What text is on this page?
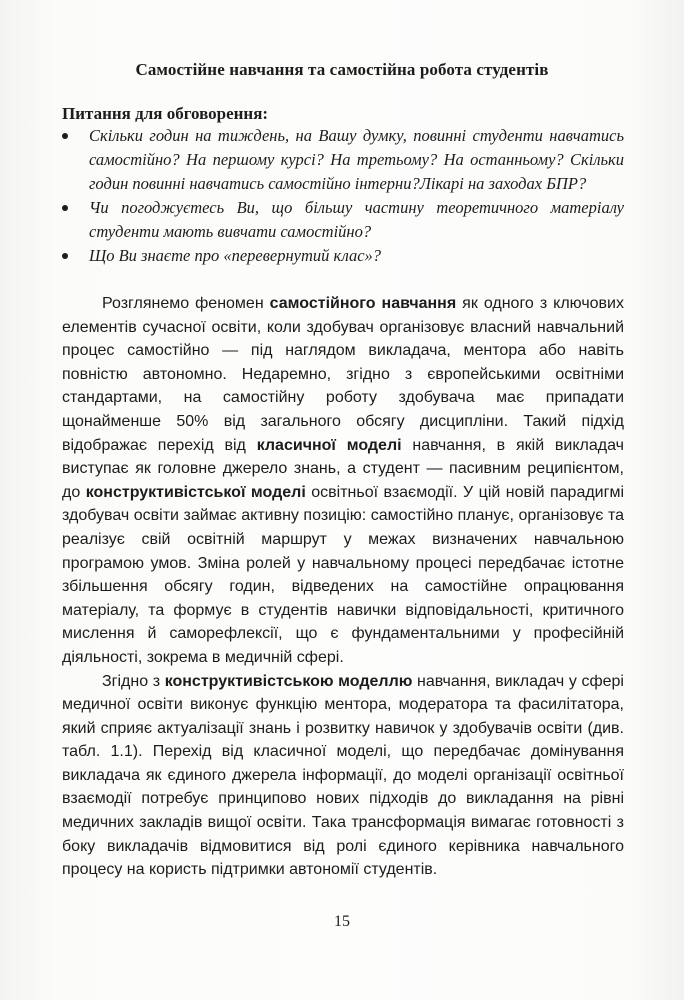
Самостійне навчання та самостійна робота студентів
Питання для обговорення:
Скільки годин на тиждень, на Вашу думку, повинні студенти навчатись самостійно? На першому курсі? На третьому? На останньому? Скільки годин повинні навчатись самостійно інтерни?Лікарі на заходах БПР?
Чи погоджуєтесь Ви, що більшу частину теоретичного матеріалу студенти мають вивчати самостійно?
Що Ви знаєте про «перевернутий клас»?

Розглянемо феномен самостійного навчання як одного з ключових елементів сучасної освіти, коли здобувач організовує власний навчальний процес самостійно — під наглядом викладача, ментора або навіть повністю автономно. Недаремно, згідно з європейськими освітніми стандартами, на самостійну роботу здобувача має припадати щонайменше 50% від загального обсягу дисципліни. Такий підхід відображає перехід від класичної моделі навчання, в якій викладач виступає як головне джерело знань, а студент — пасивним реципієнтом, до конструктивістської моделі освітньої взаємодії. У цій новій парадигмі здобувач освіти займає активну позицію: самостійно планує, організовує та реалізує свій освітній маршрут у межах визначених навчальною програмою умов. Зміна ролей у навчальному процесі передбачає істотне збільшення обсягу годин, відведених на самостійне опрацювання матеріалу, та формує в студентів навички відповідальності, критичного мислення й саморефлексії, що є фундаментальними у професійній діяльності, зокрема в медичній сфері.

Згідно з конструктивістською моделлю навчання, викладач у сфері медичної освіти виконує функцію ментора, модератора та фасилітатора, який сприяє актуалізації знань і розвитку навичок у здобувачів освіти (див. табл. 1.1). Перехід від класичної моделі, що передбачає домінування викладача як єдиного джерела інформації, до моделі організації освітньої взаємодії потребує принципово нових підходів до викладання на рівні медичних закладів вищої освіти. Така трансформація вимагає готовності з боку викладачів відмовитися від ролі єдиного керівника навчального процесу на користь підтримки автономії студентів.

15
